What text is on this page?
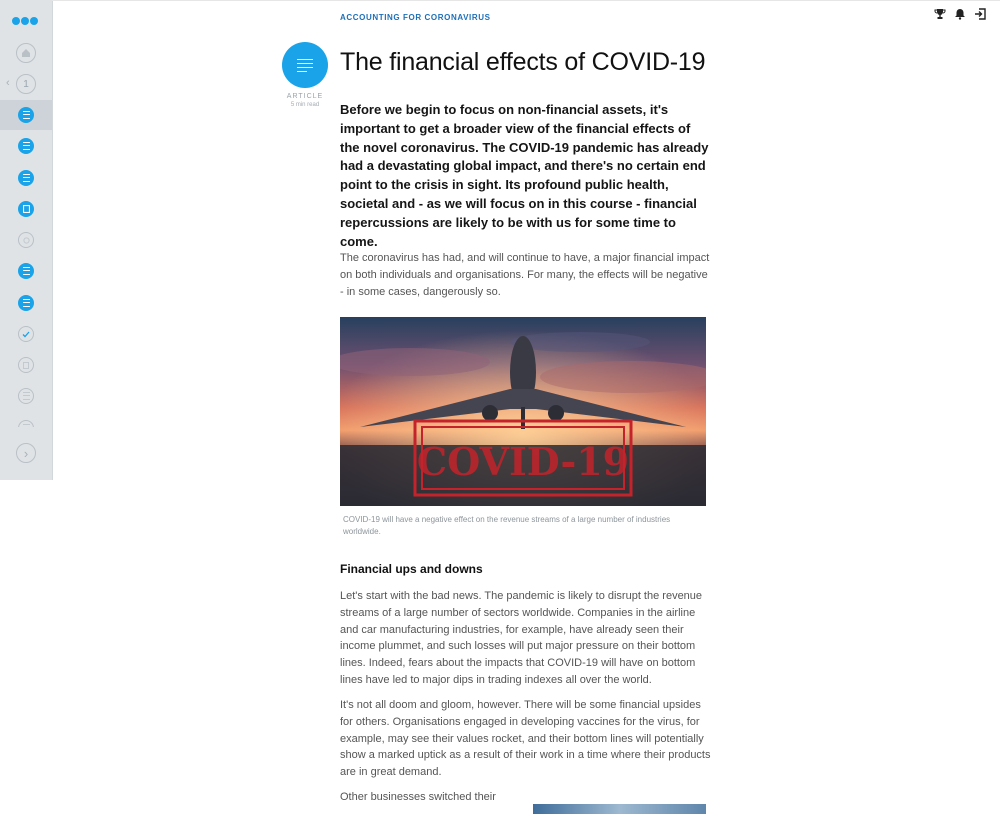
‹ 1
›
ACCOUNTING FOR CORONAVIRUS
ARTICLE
5 min read
The financial effects of COVID-19

Before we begin to focus on non-financial assets, it's important to get a broader view of the financial effects of the novel coronavirus. The COVID-19 pandemic has already had a devastating global impact, and there's no certain end point to the crisis in sight. Its profound public health, societal and - as we will focus on in this course - financial repercussions are likely to be with us for some time to come.

The coronavirus has had, and will continue to have, a major financial impact on both individuals and organisations. For many, the effects will be negative - in some cases, dangerously so.

COVID-19

COVID-19 will have a negative effect on the revenue streams of a large number of industries worldwide.

Financial ups and downs

Let's start with the bad news. The pandemic is likely to disrupt the revenue streams of a large number of sectors worldwide. Companies in the airline and car manufacturing industries, for example, have already seen their income plummet, and such losses will put major pressure on their bottom lines. Indeed, fears about the impacts that COVID-19 will have on bottom lines have led to major dips in trading indexes all over the world.

It's not all doom and gloom, however. There will be some financial upsides for others. Organisations engaged in developing vaccines for the virus, for example, may see their values rocket, and their bottom lines will potentially show a marked uptick as a result of their work in a time where their products are in great demand.

Other businesses switched their
